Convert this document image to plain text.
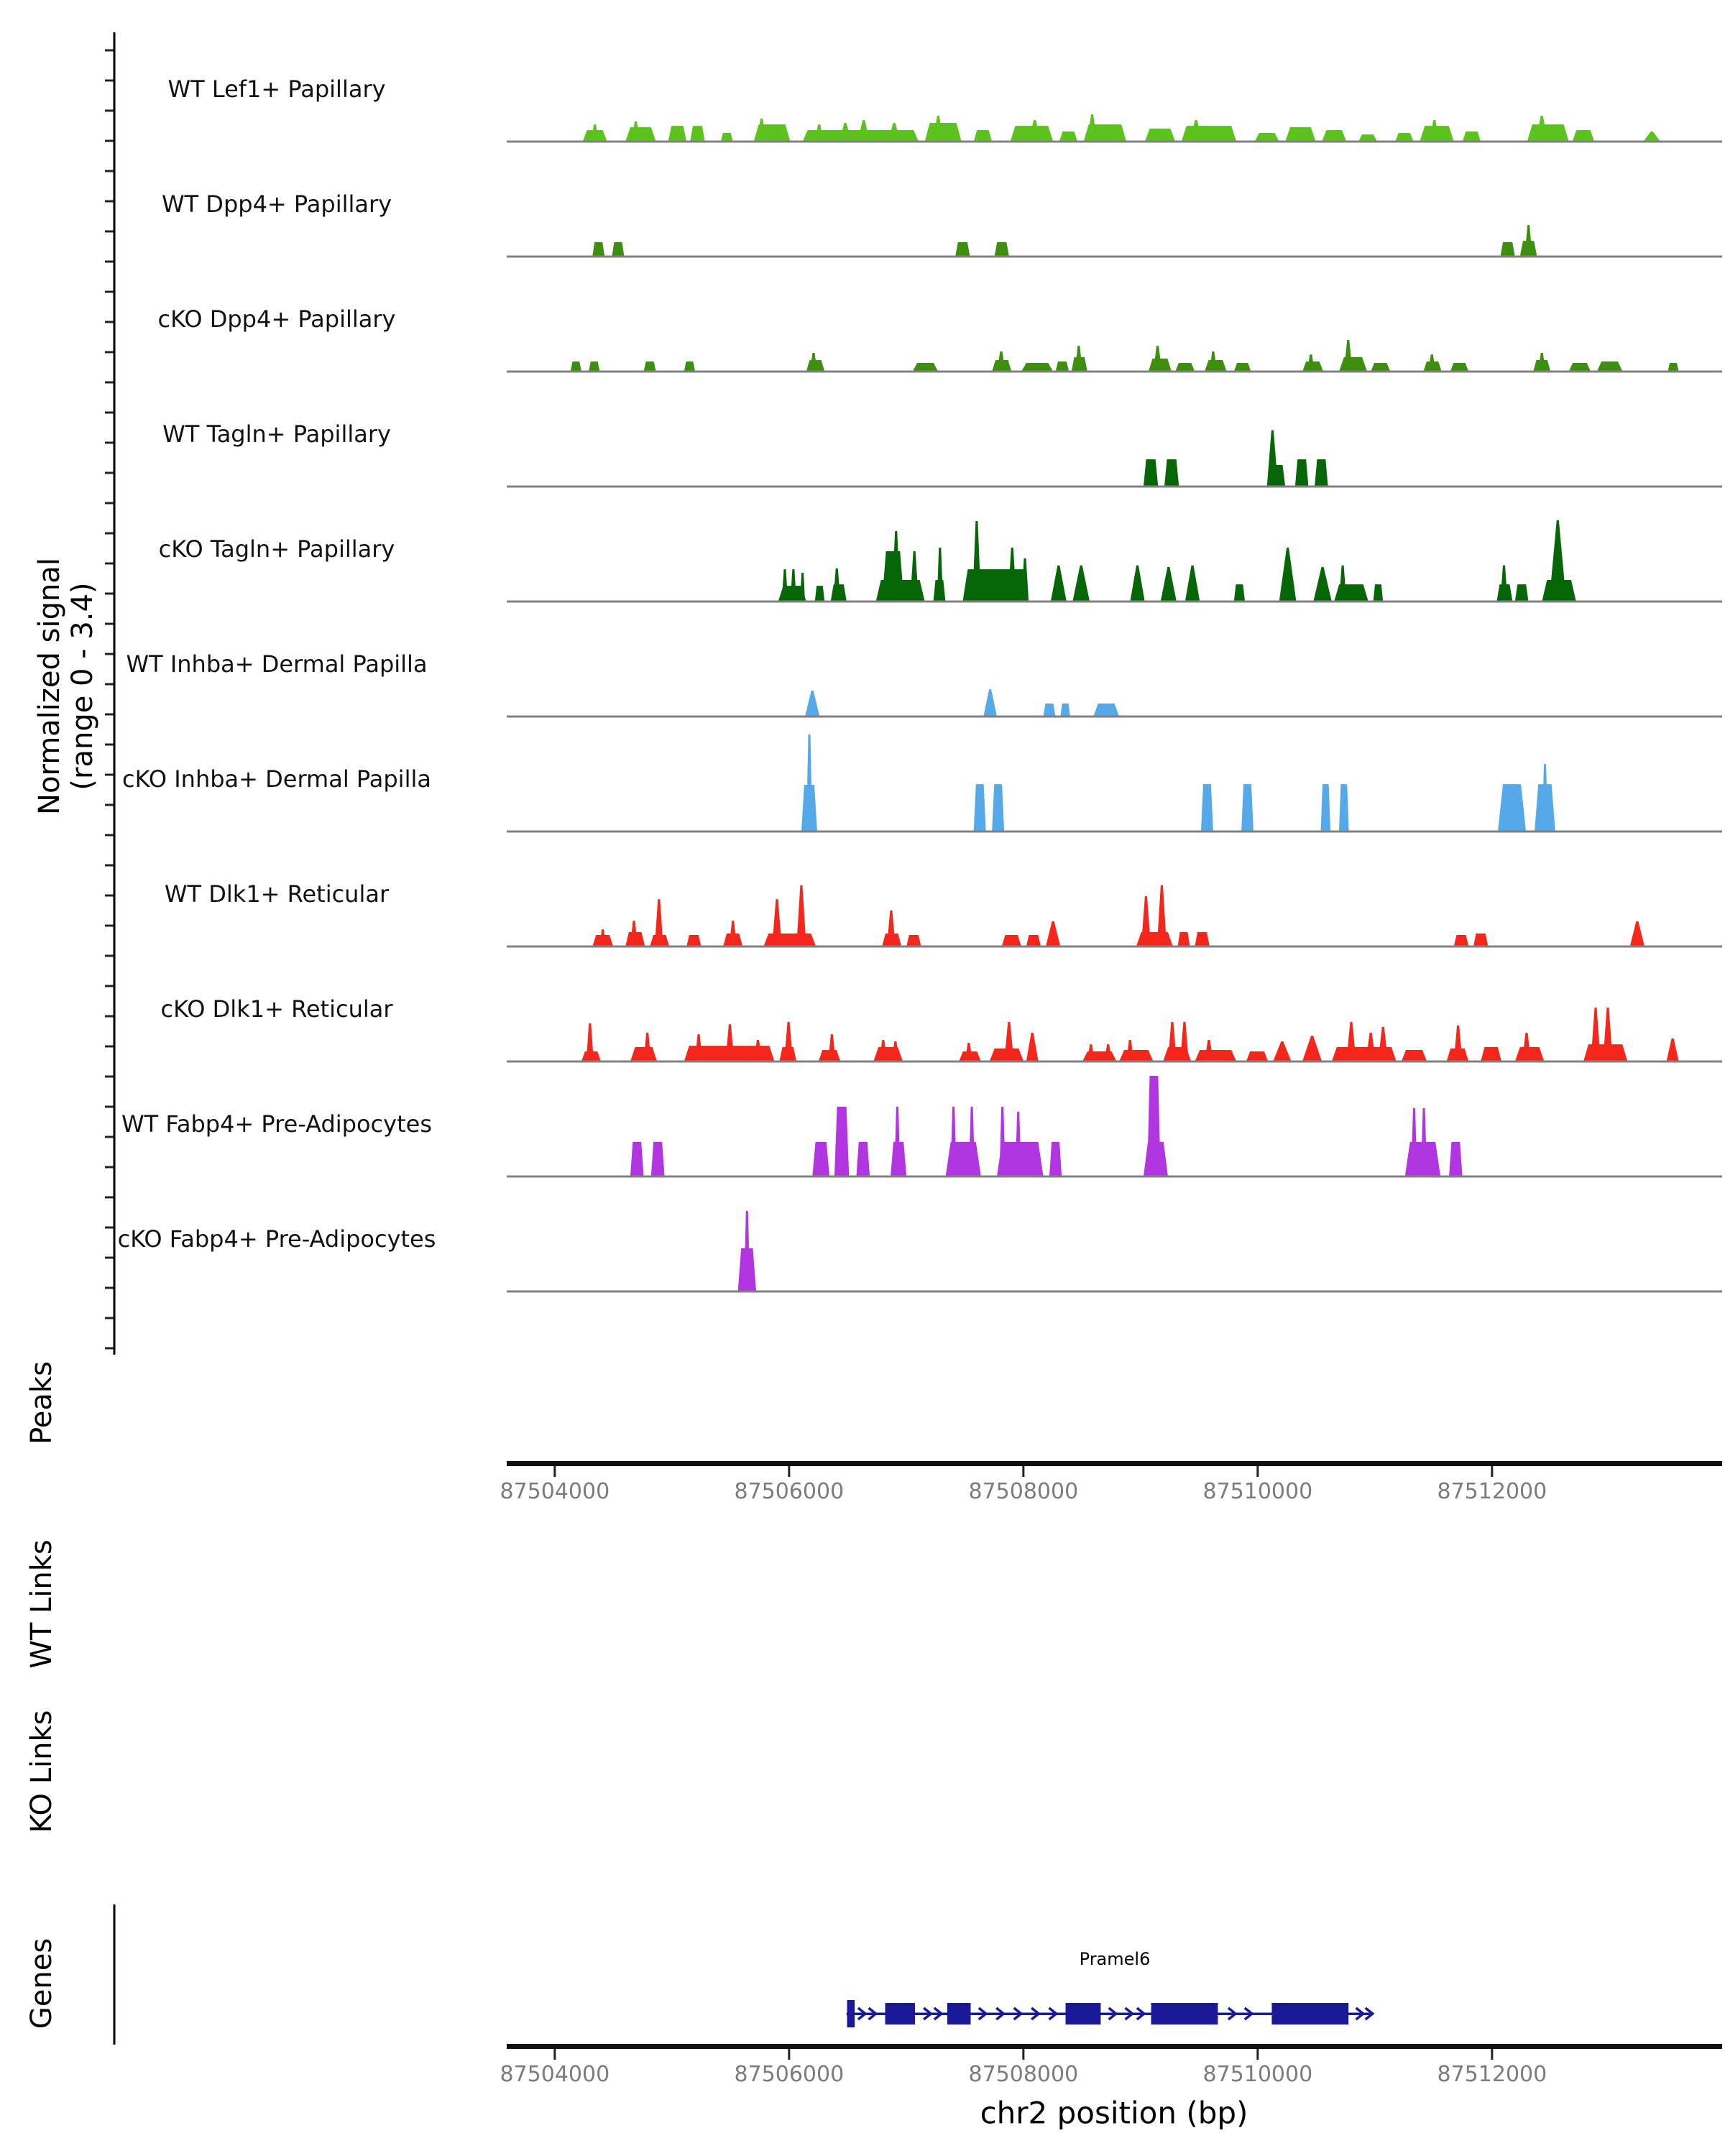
Normalized signal (range 0 - 3.4)
Peaks
WT Links
KO Links
Genes	Pramel6
chr2 position (bp)
WT Lef1+ Papillary
WT Dpp4+ Papillary
cKO Dpp4+ Papillary
WT Tagln+ Papillary
cKO Tagln+ Papillary
WT Inhba+ Dermal Papilla
cKO Inhba+ Dermal Papilla
WT Dlk1+ Reticular
cKO Dlk1+ Reticular
WT Fabp4+ Pre-Adipocytes
cKO Fabp4+ Pre-Adipocytes
87504000	87506000	87508000	87510000	87512000
87504000	87506000	87508000	87510000	87512000
